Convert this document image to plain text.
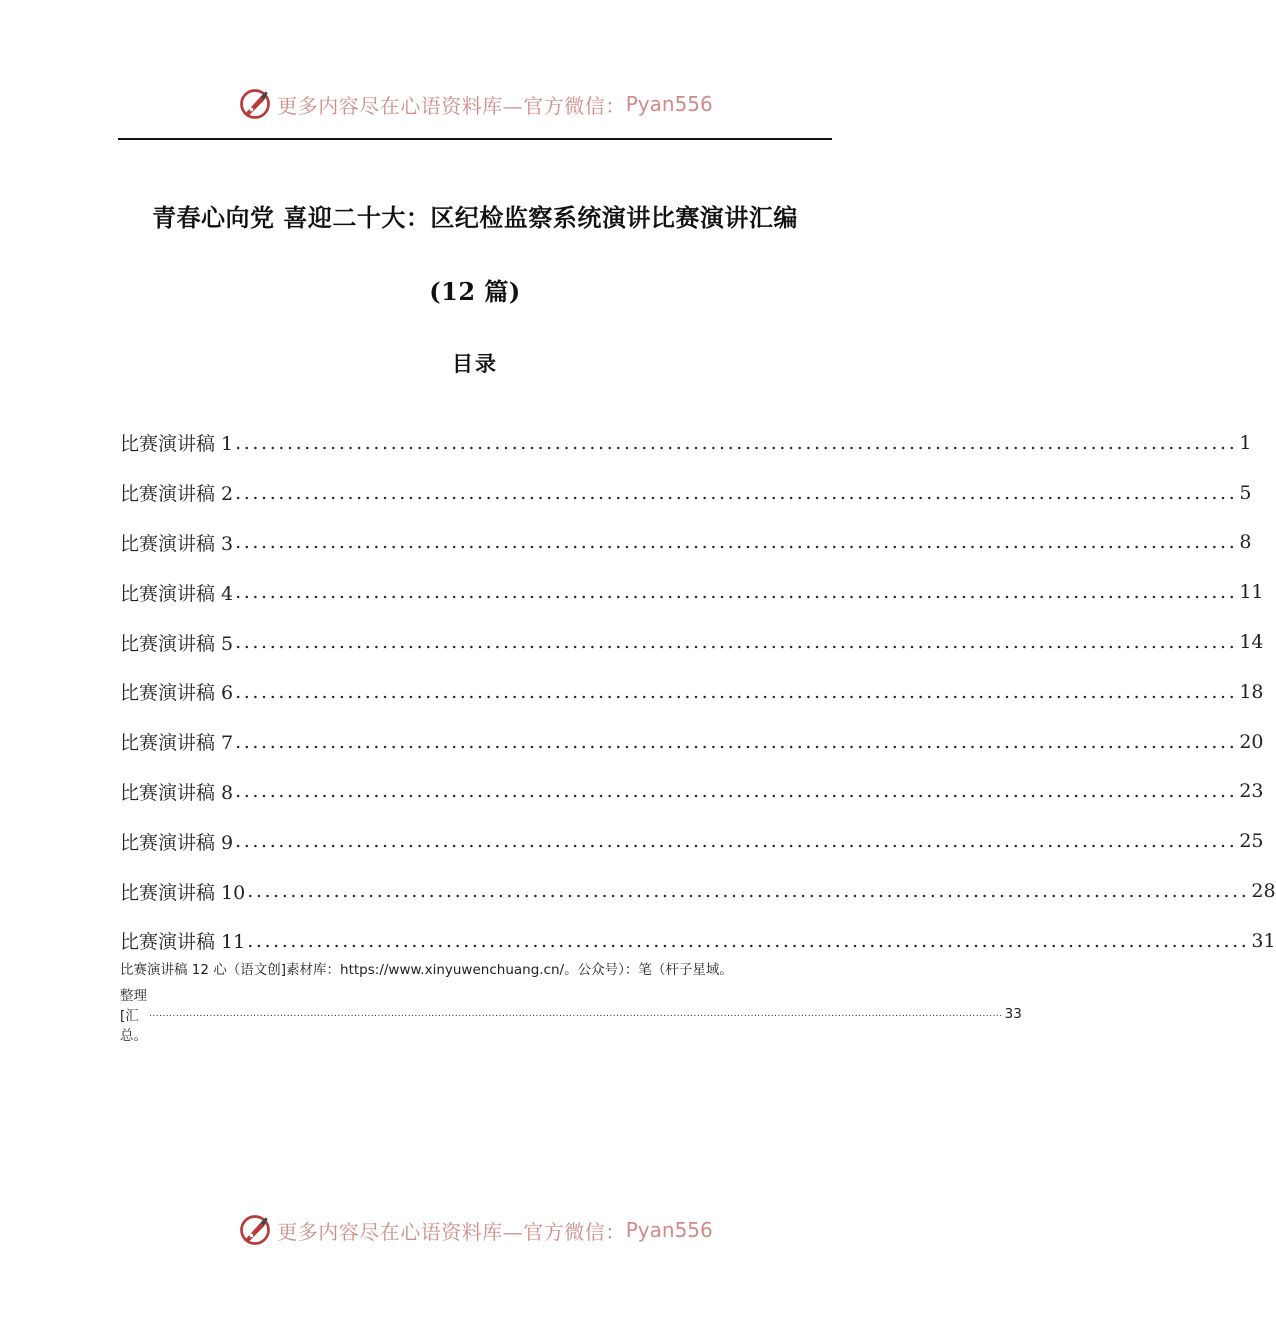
更多内容尽在心语资料库—官方微信： Pyan556
青春心向党 喜迎二十大：区纪检监察系统演讲比赛演讲汇编
(12 篇)
目录
比赛演讲稿 1 .................................................................................................................... 1
比赛演讲稿 2 .................................................................................................................... 5
比赛演讲稿 3 .................................................................................................................... 8
比赛演讲稿 4 .................................................................................................................... 11
比赛演讲稿 5 .................................................................................................................... 14
比赛演讲稿 6 .................................................................................................................... 18
比赛演讲稿 7 .................................................................................................................... 20
比赛演讲稿 8 .................................................................................................................... 23
比赛演讲稿 9 .................................................................................................................... 25
比赛演讲稿 10 .................................................................................................................... 28
比赛演讲稿 11 .................................................................................................................... 31
比赛演讲稿 12 心（语文创]素材库：https://www.xinyuwenchuang.cn/。公众号）：笔（杆子星域。
整理[汇总。
.............................................................................................................................................................................................................................................................. 33
更多内容尽在心语资料库—官方微信： Pyan556
